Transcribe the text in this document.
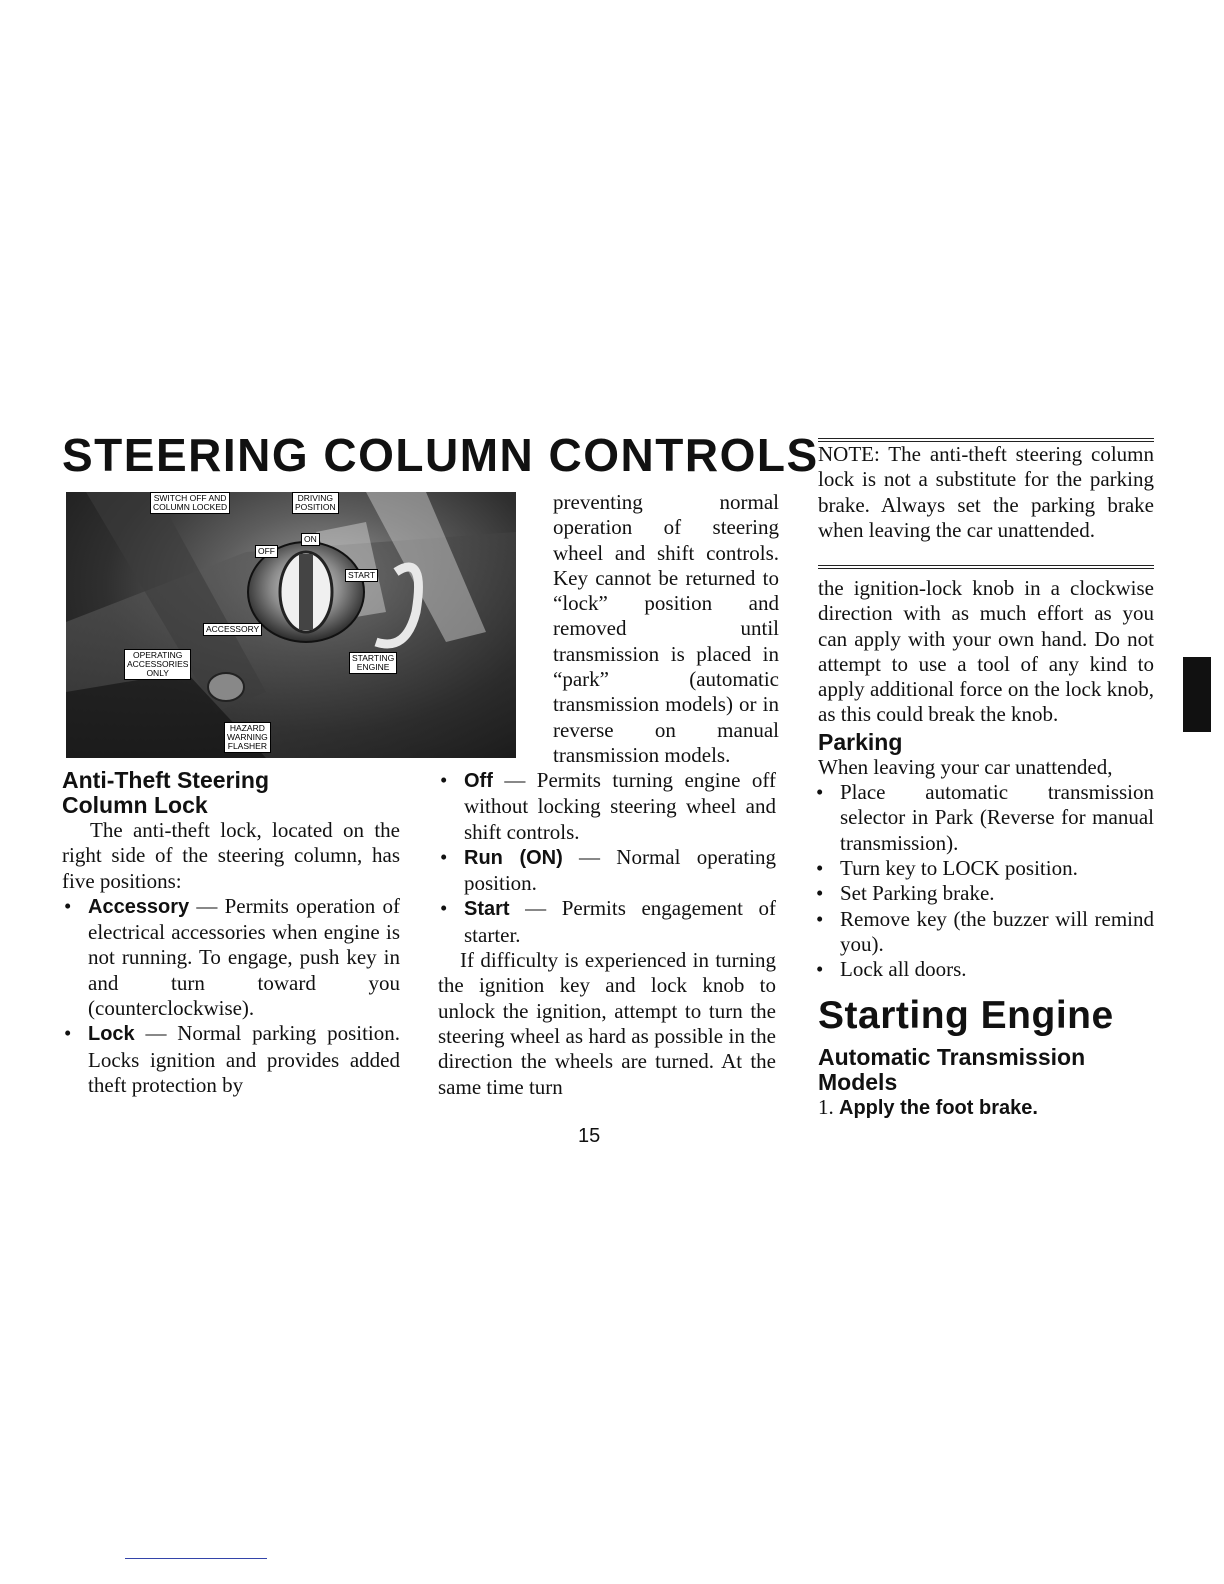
STEERING COLUMN CONTROLS
SWITCH OFF AND
COLUMN LOCKED
DRIVING
POSITION
ON
OFF
START
ACCESSORY
OPERATING
ACCESSORIES
ONLY
STARTING
ENGINE
HAZARD
WARNING
FLASHER
Anti-Theft Steering
Column Lock

The anti-theft lock, located on the right side of the steering column, has five positions:

• Accessory — Permits operation of electrical accessories when engine is not running. To engage, push key in and turn toward you (counterclockwise).
• Lock — Normal parking position. Locks ignition and provides added theft protection by

preventing normal operation of steering wheel and shift controls. Key cannot be returned to “lock” position and removed until transmission is placed in “park” (automatic transmission models) or in reverse on manual transmission models.

• Off — Permits turning engine off without locking steering wheel and shift controls.
• Run (ON) — Normal operating position.
• Start — Permits engagement of starter.

If difficulty is experienced in turning the ignition key and lock knob to unlock the ignition, attempt to turn the steering wheel as hard as possible in the direction the wheels are turned. At the same time turn

NOTE: The anti-theft steering column lock is not a substitute for the parking brake. Always set the parking brake when leaving the car unattended.

the ignition-lock knob in a clockwise direction with as much effort as you can apply with your own hand. Do not attempt to use a tool of any kind to apply additional force on the lock knob, as this could break the knob.

Parking

When leaving your car unattended,

• Place automatic transmission selector in Park (Reverse for manual transmission).
• Turn key to LOCK position.
• Set Parking brake.
• Remove key (the buzzer will remind you).
• Lock all doors.
Starting Engine
Automatic Transmission
Models

1. Apply the foot brake.

15
